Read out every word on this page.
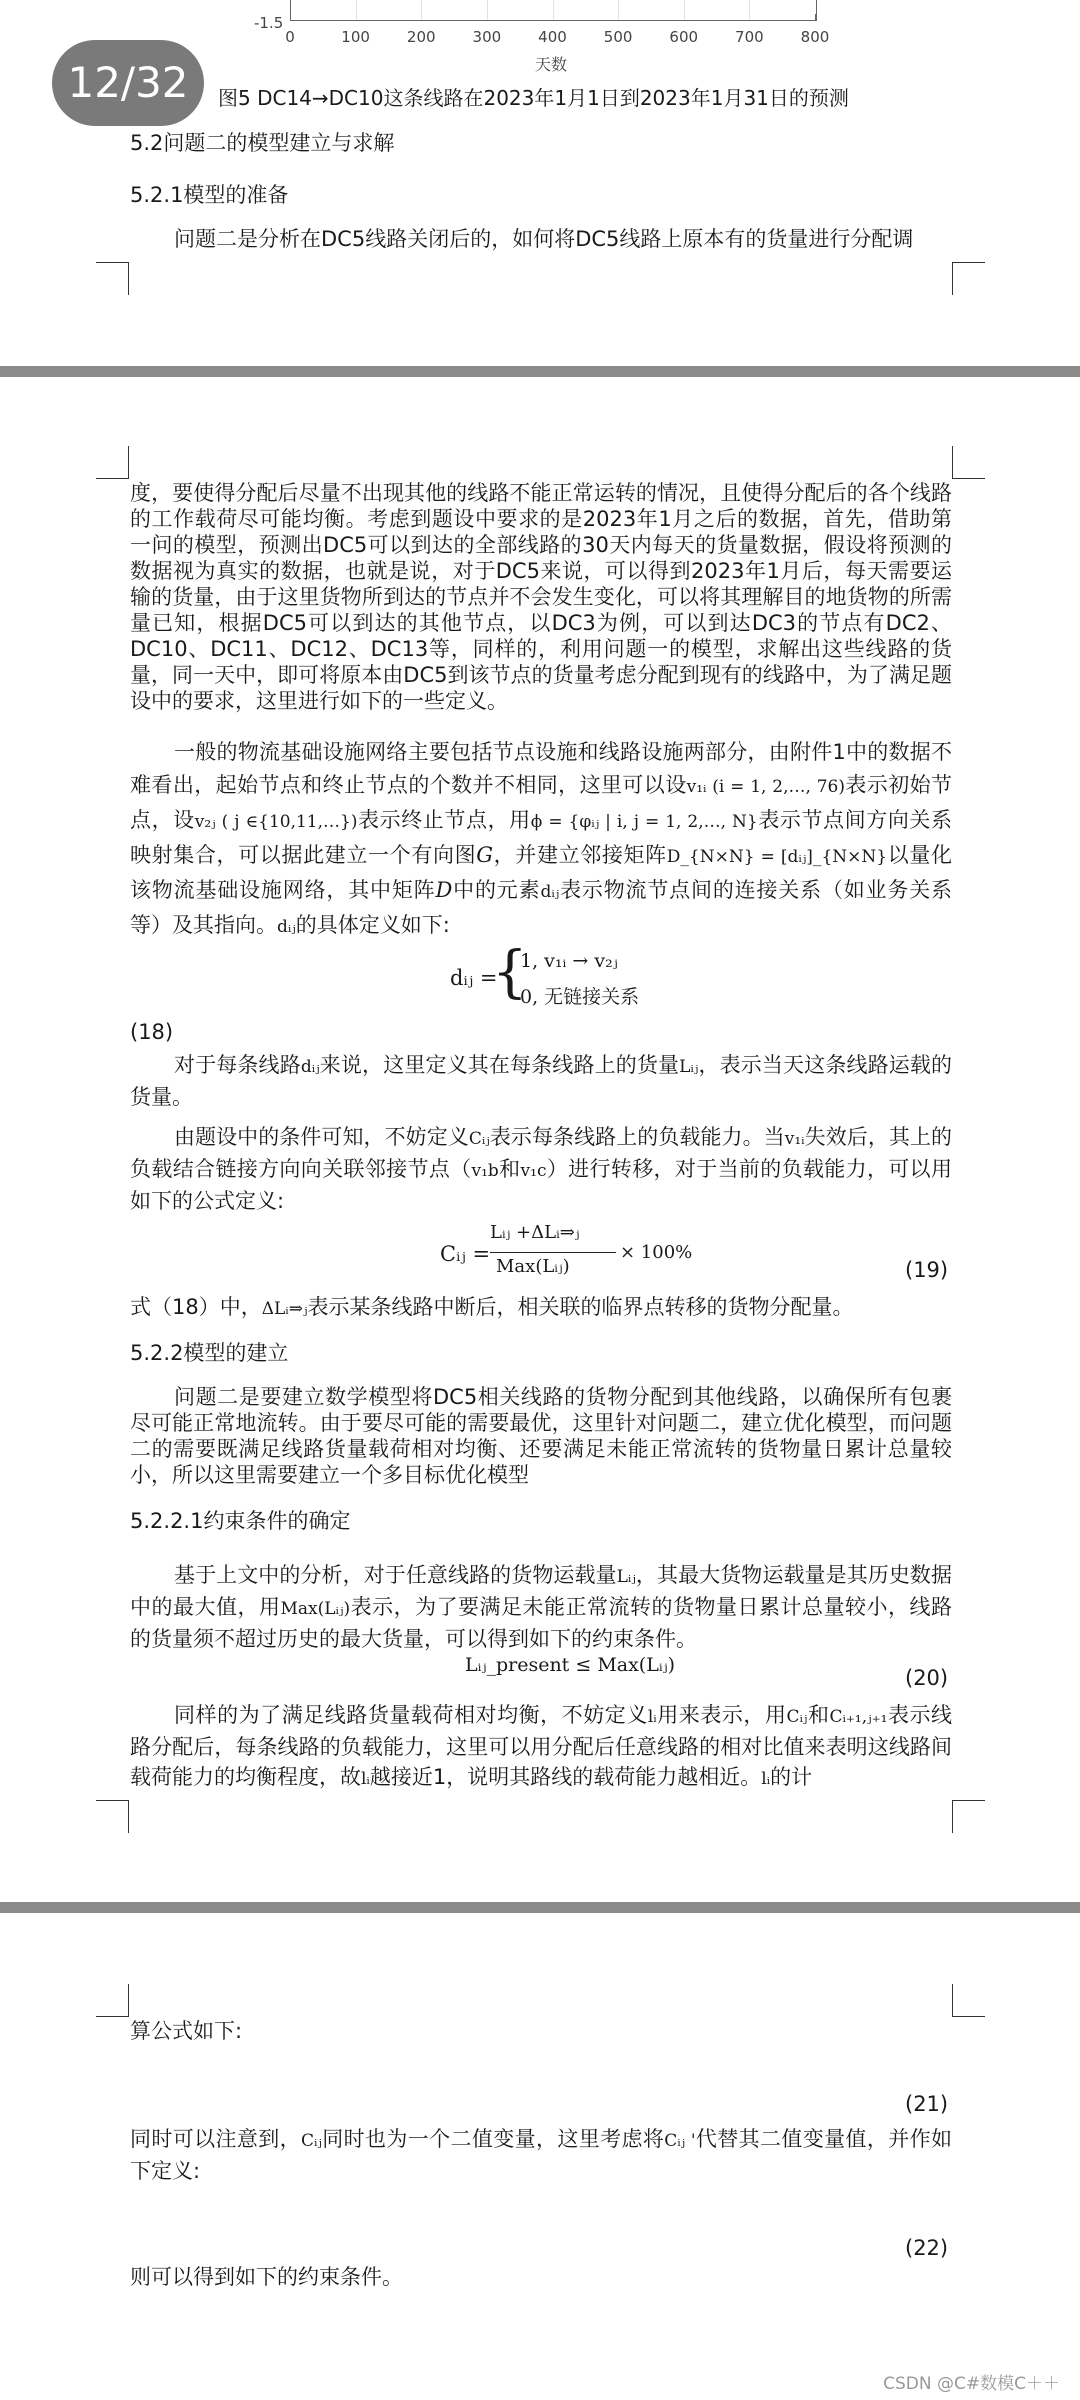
-1.5
0	100 200 300 400 500 600 700 800
天数
12/32	图5 DC14→DC10这条线路在2023年1月1日到2023年1月31日的预测
5.2问题二的模型建立与求解
5.2.1模型的准备
问题二是分析在DC5线路关闭后的，如何将DC5线路上原本有的货量进行分配调
度，要使得分配后尽量不出现其他的线路不能正常运转的情况，且使得分配后的各个线路的工作载荷尽可能均衡。考虑到题设中要求的是2023年1月之后的数据，首先，借助第一问的模型，预测出DC5可以到达的全部线路的30天内每天的货量数据，假设将预测的数据视为真实的数据，也就是说，对于DC5来说，可以得到2023年1月后，每天需要运输的货量，由于这里货物所到达的节点并不会发生变化，可以将其理解目的地货物的所需量已知，根据DC5可以到达的其他节点，以DC3为例，可以到达DC3的节点有DC2、DC10、DC11、DC12、DC13等，同样的，利用问题一的模型，求解出这些线路的货量，同一天中，即可将原本由DC5到该节点的货量考虑分配到现有的线路中，为了满足题设中的要求，这里进行如下的一些定义。
一般的物流基础设施网络主要包括节点设施和线路设施两部分，由附件1中的数据不难看出，起始节点和终止节点的个数并不相同，这里可以设v₁ᵢ (i = 1, 2,…, 76)表示初始节点，设v₂ⱼ ( j ∈{10,11,…})表示终止节点，用ϕ = {φᵢⱼ | i, j = 1, 2,…, N}表示节点间方向关系映射集合，可以据此建立一个有向图G，并建立邻接矩阵D_{N×N} = [dᵢⱼ]_{N×N}以量化该物流基础设施网络，其中矩阵D中的元素dᵢⱼ表示物流节点间的连接关系（如业务关系等）及其指向。dᵢⱼ的具体定义如下:
dᵢⱼ =
{
1, v₁ᵢ → v₂ⱼ
0, 无链接关系
(18)
对于每条线路dᵢⱼ来说，这里定义其在每条线路上的货量Lᵢⱼ，表示当天这条线路运载的货量。
由题设中的条件可知，不妨定义Cᵢⱼ表示每条线路上的负载能力。当v₁ᵢ失效后，其上的负载结合链接方向向关联邻接节点（v₁b和v₁c）进行转移，对于当前的负载能力，可以用如下的公式定义:
Cᵢⱼ =
Lᵢⱼ +ΔLᵢ⇒ⱼ
Max(Lᵢⱼ)
× 100%
(19)
式（18）中，ΔLᵢ⇒ⱼ表示某条线路中断后，相关联的临界点转移的货物分配量。
5.2.2模型的建立
问题二是要建立数学模型将DC5相关线路的货物分配到其他线路，以确保所有包裹尽可能正常地流转。由于要尽可能的需要最优，这里针对问题二，建立优化模型，而问题二的需要既满足线路货量载荷相对均衡、还要满足未能正常流转的货物量日累计总量较小，所以这里需要建立一个多目标优化模型
5.2.2.1约束条件的确定
基于上文中的分析，对于任意线路的货物运载量Lᵢⱼ，其最大货物运载量是其历史数据中的最大值，用Max(Lᵢⱼ)表示，为了要满足未能正常流转的货物量日累计总量较小，线路的货量须不超过历史的最大货量，可以得到如下的约束条件。
Lᵢⱼ_present ≤ Max(Lᵢⱼ)
(20)
同样的为了满足线路货量载荷相对均衡，不妨定义lᵢ用来表示，用Cᵢⱼ和Cᵢ₊₁,ⱼ₊₁表示线路分配后，每条线路的负载能力，这里可以用分配后任意线路的相对比值来表明这线路间载荷能力的均衡程度，故lᵢ越接近1，说明其路线的载荷能力越相近。lᵢ的计
算公式如下:
(21)
同时可以注意到，Cᵢⱼ同时也为一个二值变量，这里考虑将Cᵢⱼ '代替其二值变量值，并作如下定义:
(22)
则可以得到如下的约束条件。
CSDN @C#数模C＋＋
